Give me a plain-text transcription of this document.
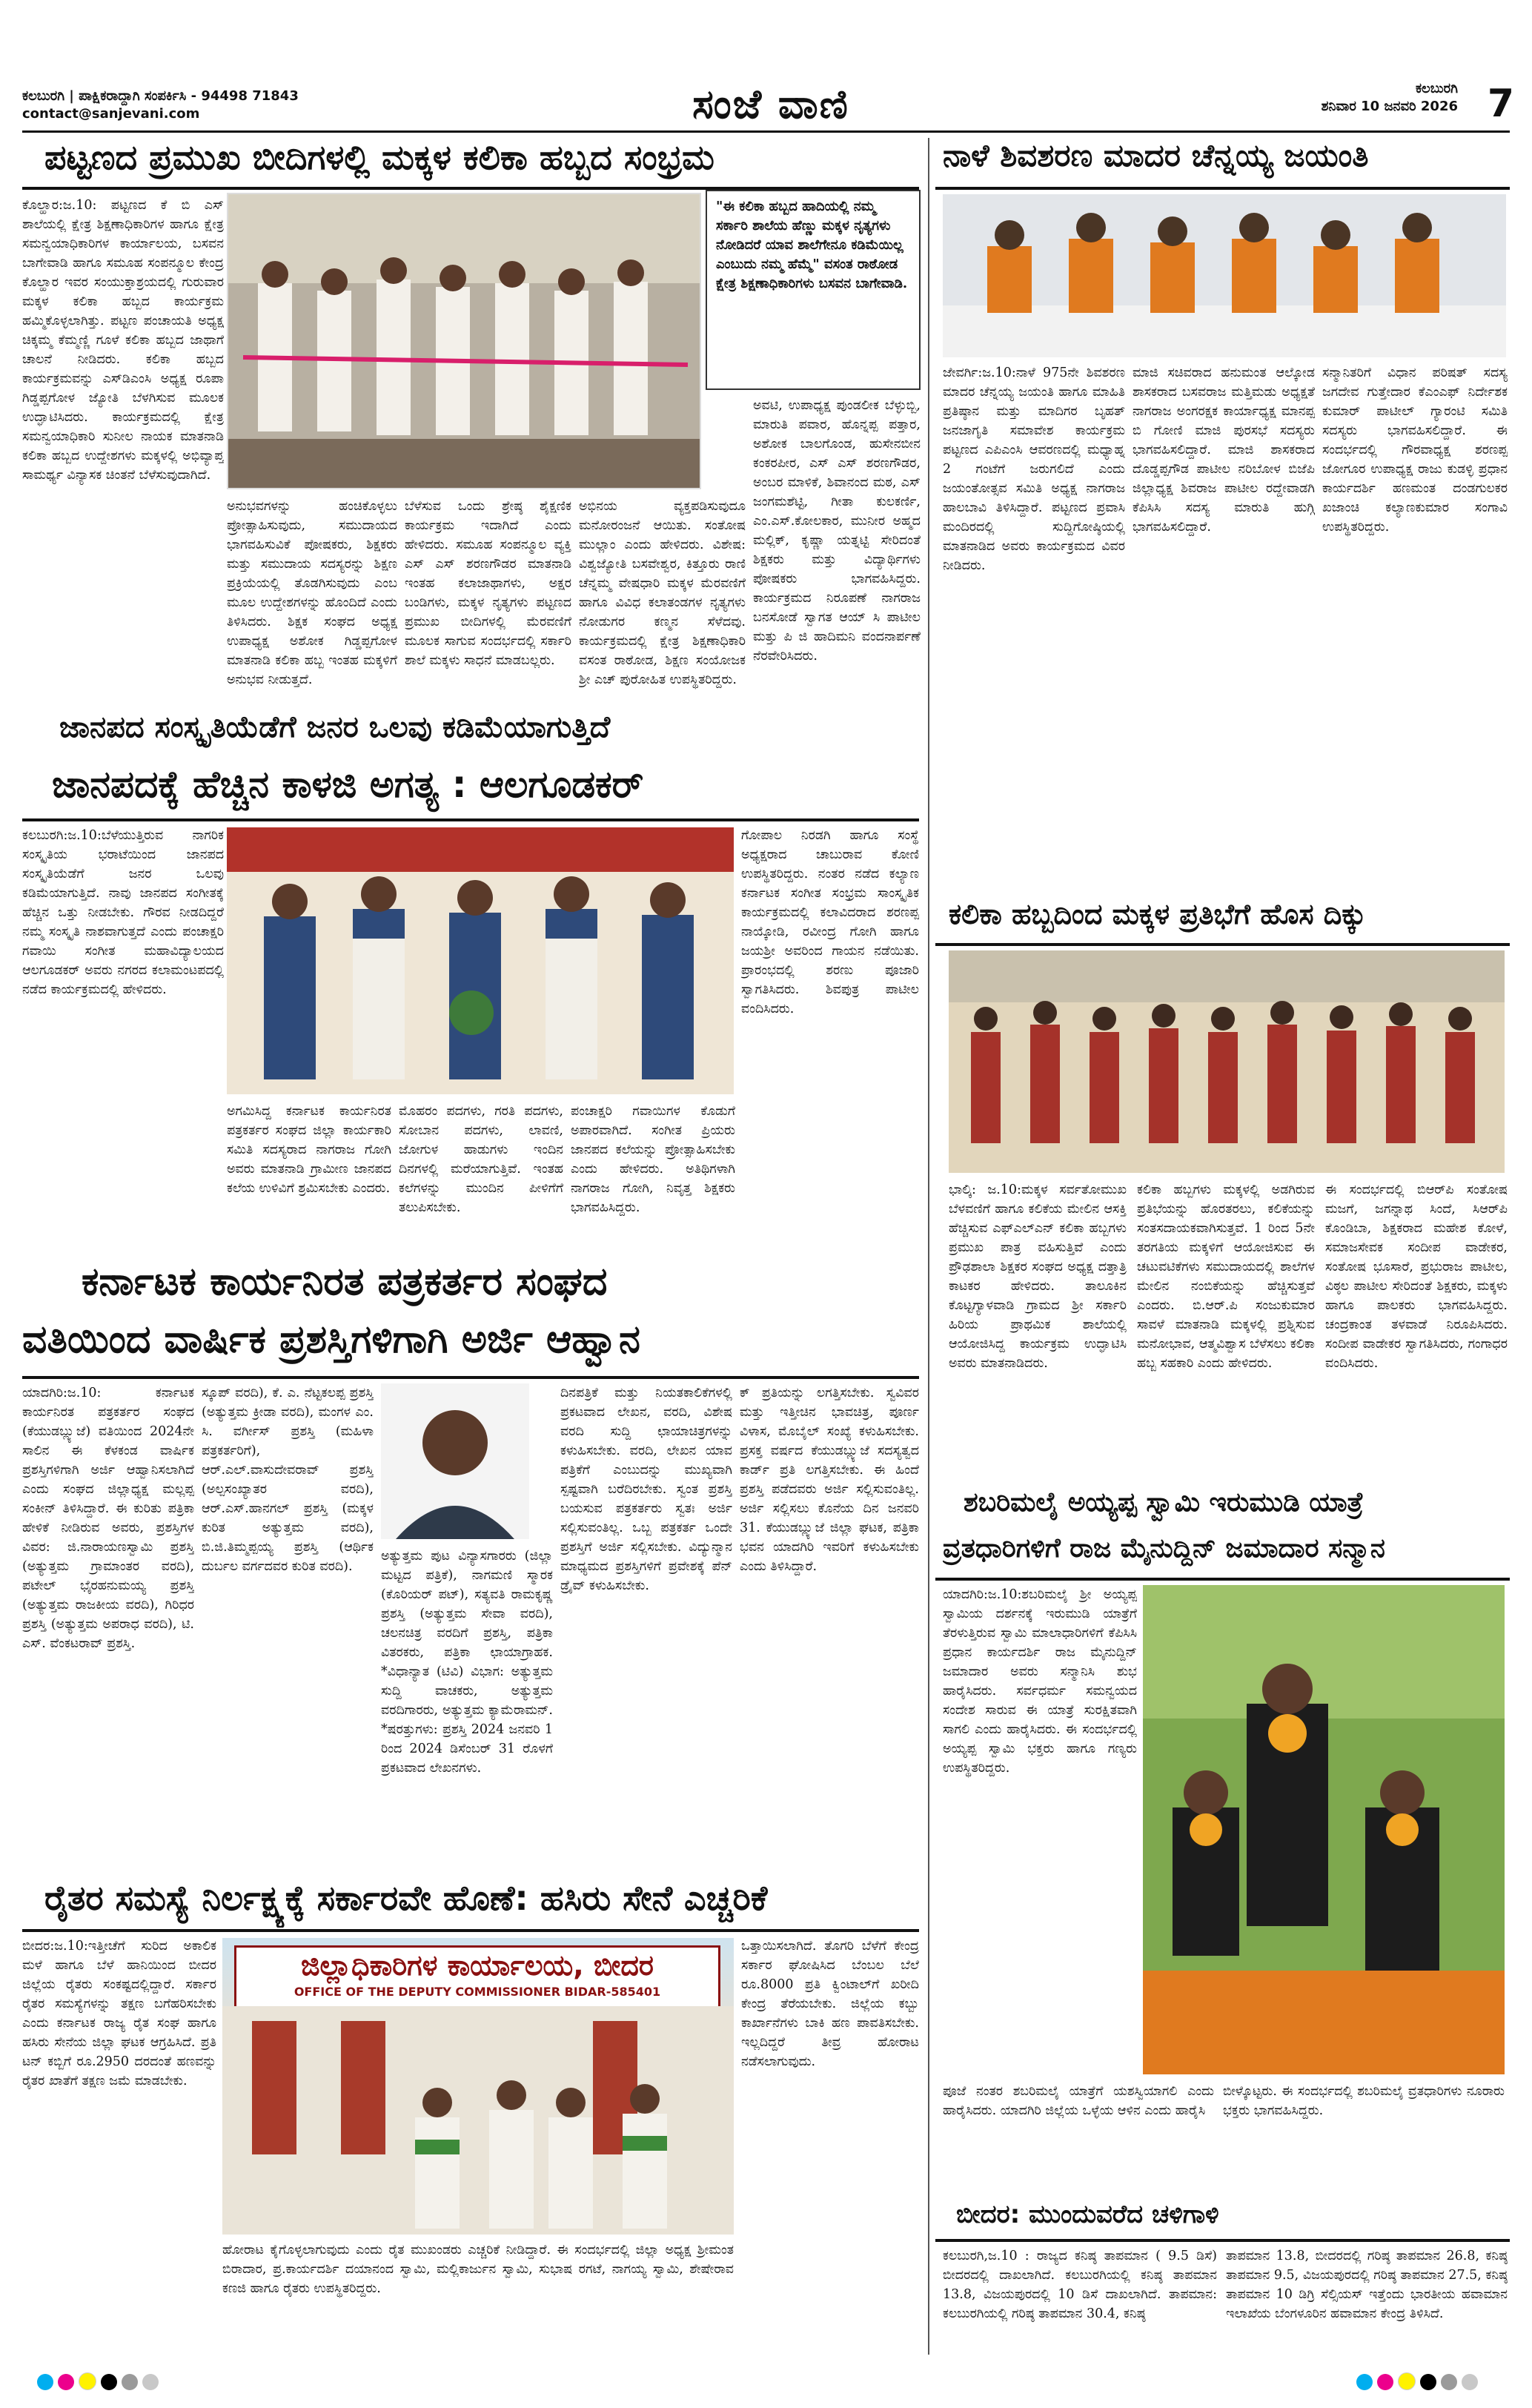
ಕಲಬುರಗಿ | ಪಾಕ್ಷಿಕರಾದ್ದಾಗಿ ಸಂಪರ್ಕಿಸಿ - 94498 71843
contact@sanjevani.com	ಸಂಜೆ ವಾಣಿ	ಕಲಬುರಗಿ
ಶನಿವಾರ 10 ಜನವರಿ 2026 7
ಪಟ್ಟಣದ ಪ್ರಮುಖ ಬೀದಿಗಳಲ್ಲಿ ಮಕ್ಕಳ ಕಲಿಕಾ ಹಬ್ಬದ ಸಂಭ್ರಮ
ಕೊಲ್ಹಾರ:ಜ.10: ಪಟ್ಟಣದ ಕೆ ಬಿ ಎಸ್ ಶಾಲೆಯಲ್ಲಿ ಕ್ಷೇತ್ರ ಶಿಕ್ಷಣಾಧಿಕಾರಿಗಳ ಹಾಗೂ ಕ್ಷೇತ್ರ ಸಮನ್ವಯಾಧಿಕಾರಿಗಳ ಕಾರ್ಯಾಲಯ, ಬಸವನ ಬಾಗೇವಾಡಿ ಹಾಗೂ ಸಮೂಹ ಸಂಪನ್ಮೂಲ ಕೇಂದ್ರ ಕೊಲ್ಹಾರ ಇವರ ಸಂಯುಕ್ತಾಶ್ರಯದಲ್ಲಿ ಗುರುವಾರ ಮಕ್ಕಳ ಕಲಿಕಾ ಹಬ್ಬದ ಕಾರ್ಯಕ್ರಮ ಹಮ್ಮಿಕೊಳ್ಳಲಾಗಿತ್ತು. ಪಟ್ಟಣ ಪಂಚಾಯತಿ ಅಧ್ಯಕ್ಷ ಚಿಕ್ಕಮ್ಮ ಕೆಮ್ಮಣ್ಣಿ ಗೂಳೆ ಕಲಿಕಾ ಹಬ್ಬದ ಜಾಥಾಗೆ ಚಾಲನೆ ನೀಡಿದರು. ಕಲಿಕಾ ಹಬ್ಬದ ಕಾರ್ಯಕ್ರಮವನ್ನು ಎಸ್‌ಡಿಎಂಸಿ ಅಧ್ಯಕ್ಷ ರೂಪಾ ಗಿಡ್ಡಪ್ಪಗೋಳ ಜ್ಯೋತಿ ಬೆಳಗಿಸುವ ಮೂಲಕ ಉದ್ಘಾಟಿಸಿದರು. ಕಾರ್ಯಕ್ರಮದಲ್ಲಿ ಕ್ಷೇತ್ರ ಸಮನ್ವಯಾಧಿಕಾರಿ ಸುನೀಲ ನಾಯಕ ಮಾತನಾಡಿ ಕಲಿಕಾ ಹಬ್ಬದ ಉದ್ದೇಶಗಳು ಮಕ್ಕಳಲ್ಲಿ ಅಭಿವ್ಯಾಪ್ತ ಸಾಮರ್ಥ್ಯ ವಿನ್ಯಾಸಕ ಚಿಂತನೆ ಬೆಳೆಸುವುದಾಗಿದೆ.
"ಈ ಕಲಿಕಾ ಹಬ್ಬದ ಹಾದಿಯಲ್ಲಿ ನಮ್ಮ ಸರ್ಕಾರಿ ಶಾಲೆಯ ಹೆಣ್ಣು ಮಕ್ಕಳ ನೃತ್ಯಗಳು ನೋಡಿದರೆ ಯಾವ ಶಾಲೆಗೇನೂ ಕಡಿಮೆಯಿಲ್ಲ ಎಂಬುದು ನಮ್ಮ ಹೆಮ್ಮೆ" ವಸಂತ ರಾಠೋಡ ಕ್ಷೇತ್ರ ಶಿಕ್ಷಣಾಧಿಕಾರಿಗಳು ಬಸವನ ಬಾಗೇವಾಡಿ.
ಅನುಭವಗಳನ್ನು ಹಂಚಿಕೊಳ್ಳಲು ಪ್ರೋತ್ಸಾಹಿಸುವುದು, ಸಮುದಾಯದ ಭಾಗವಹಿಸುವಿಕೆ ಪೋಷಕರು, ಶಿಕ್ಷಕರು ಮತ್ತು ಸಮುದಾಯ ಸದಸ್ಯರನ್ನು ಶಿಕ್ಷಣ ಪ್ರಕ್ರಿಯೆಯಲ್ಲಿ ತೊಡಗಿಸುವುದು ಎಂಬ ಮೂಲ ಉದ್ದೇಶಗಳನ್ನು ಹೊಂದಿದೆ ಎಂದು ತಿಳಿಸಿದರು. ಶಿಕ್ಷಕ ಸಂಘದ ಅಧ್ಯಕ್ಷ ಉಪಾಧ್ಯಕ್ಷ ಅಶೋಕ ಗಿಡ್ಡಪ್ಪಗೋಳ ಮಾತನಾಡಿ ಕಲಿಕಾ ಹಬ್ಬ ಇಂತಹ ಮಕ್ಕಳಿಗೆ ಅನುಭವ ನೀಡುತ್ತದೆ.
ಬೆಳೆಸುವ ಒಂದು ಶ್ರೇಷ್ಠ ಶೈಕ್ಷಣಿಕ ಕಾರ್ಯಕ್ರಮ ಇದಾಗಿದೆ ಎಂದು ಹೇಳಿದರು. ಸಮೂಹ ಸಂಪನ್ಮೂಲ ವ್ಯಕ್ತಿ ಎಸ್ ಎಸ್ ಶರಣಗೌಡರ ಮಾತನಾಡಿ ಇಂತಹ ಕಲಾಜಾಥಾಗಳು, ಅಕ್ಷರ ಬಂಡಿಗಳು, ಮಕ್ಕಳ ನೃತ್ಯಗಳು ಪಟ್ಟಣದ ಪ್ರಮುಖ ಬೀದಿಗಳಲ್ಲಿ ಮೆರವಣಿಗೆ ಮೂಲಕ ಸಾಗುವ ಸಂದರ್ಭದಲ್ಲಿ ಸರ್ಕಾರಿ ಶಾಲೆ ಮಕ್ಕಳು ಸಾಧನೆ ಮಾಡಬಲ್ಲರು.
ಅಭಿನಯ ವ್ಯಕ್ತಪಡಿಸುವುದೂ ಮನೋರಂಜನೆ ಆಯಿತು. ಸಂತೋಷ ಮುಲ್ಲಾಂ ಎಂದು ಹೇಳಿದರು. ವಿಶೇಷ: ವಿಶ್ವಜ್ಯೋತಿ ಬಸವೇಶ್ವರ, ಕಿತ್ತೂರು ರಾಣಿ ಚೆನ್ನಮ್ಮ ವೇಷಧಾರಿ ಮಕ್ಕಳ ಮೆರವಣಿಗೆ ಹಾಗೂ ವಿವಿಧ ಕಲಾತಂಡಗಳ ನೃತ್ಯಗಳು ನೋಡುಗರ ಕಣ್ಮನ ಸೆಳೆದವು. ಕಾರ್ಯಕ್ರಮದಲ್ಲಿ ಕ್ಷೇತ್ರ ಶಿಕ್ಷಣಾಧಿಕಾರಿ ವಸಂತ ರಾಠೋಡ, ಶಿಕ್ಷಣ ಸಂಯೋಜಕ ಶ್ರೀ ಎಚ್ ಪುರೋಹಿತ ಉಪಸ್ಥಿತರಿದ್ದರು.
ಅವಟಿ, ಉಪಾಧ್ಯಕ್ಷ ಪುಂಡಲೀಕ ಬೆಳ್ಳುಬ್ಬಿ, ಮಾರುತಿ ಪವಾರ, ಹೊನ್ನಪ್ಪ ಪತ್ತಾರ, ಅಶೋಕ ಬಾಲಗೊಂಡ, ಹುಸೇನಬೀನ ಕಂಕರಪೀರ, ಎಸ್ ಎಸ್ ಶರಣಗೌಡರ, ಅಂಬರ ಮಾಳಿಕೆ, ಶಿವಾನಂದ ಮಠ, ಎಸ್ ಜಂಗಮಶೆಟ್ಟಿ, ಗೀತಾ ಕುಲಕರ್ಣಿ, ಎಂ.ಎಸ್.ಕೋಲಕಾರ, ಮುನೀರ ಅಹ್ಮದ ಮಲ್ಲಿಕ್, ಕೃಷ್ಣಾ ಯತ್ನಟ್ಟಿ ಸೇರಿದಂತೆ ಶಿಕ್ಷಕರು ಮತ್ತು ವಿದ್ಯಾರ್ಥಿಗಳು ಪೋಷಕರು ಭಾಗವಹಿಸಿದ್ದರು. ಕಾರ್ಯಕ್ರಮದ ನಿರೂಪಣೆ ನಾಗರಾಜ ಬನಸೋಡೆ ಸ್ವಾಗತ ಆಯ್ ಸಿ ಪಾಟೀಲ ಮತ್ತು ಪಿ ಜಿ ಹಾದಿಮನಿ ವಂದನಾರ್ಪಣೆ ನೆರವೇರಿಸಿದರು.
ನಾಳೆ ಶಿವಶರಣ ಮಾದರ ಚೆನ್ನಯ್ಯ ಜಯಂತಿ
ಜೇವರ್ಗಿ:ಜ.10:ನಾಳೆ 975ನೇ ಶಿವಶರಣ ಮಾದರ ಚೆನ್ನಯ್ಯ ಜಯಂತಿ ಹಾಗೂ ಮಾಹಿತಿ ಪ್ರತಿಷ್ಠಾನ ಮತ್ತು ಮಾದಿಗರ ಬೃಹತ್ ಜನಜಾಗೃತಿ ಸಮಾವೇಶ ಕಾರ್ಯಕ್ರಮ ಪಟ್ಟಣದ ಎಪಿಎಂಸಿ ಆವರಣದಲ್ಲಿ ಮಧ್ಯಾಹ್ನ 2 ಗಂಟೆಗೆ ಜರುಗಲಿದೆ ಎಂದು ಜಯಂತೋತ್ಸವ ಸಮಿತಿ ಅಧ್ಯಕ್ಷ ನಾಗರಾಜ ಹಾಲಬಾವಿ ತಿಳಿಸಿದ್ದಾರೆ. ಪಟ್ಟಣದ ಪ್ರವಾಸಿ ಮಂದಿರದಲ್ಲಿ ಸುದ್ದಿಗೋಷ್ಠಿಯಲ್ಲಿ ಮಾತನಾಡಿದ ಅವರು ಕಾರ್ಯಕ್ರಮದ ವಿವರ ನೀಡಿದರು.
ಮಾಜಿ ಸಚಿವರಾದ ಹನುಮಂತ ಆಲ್ಕೋಡ ಶಾಸಕರಾದ ಬಸವರಾಜ ಮತ್ತಿಮಡು ಅಧ್ಯಕ್ಷತೆ ನಾಗರಾಜ ಅಂಗರಕ್ಷಕ ಕಾರ್ಯಾಧ್ಯಕ್ಷ ಮಾನಪ್ಪ ಬಿ ಗೋಣಿ ಮಾಜಿ ಪುರಸಭೆ ಸದಸ್ಯರು ಭಾಗವಹಿಸಲಿದ್ದಾರೆ. ಮಾಜಿ ಶಾಸಕರಾದ ದೊಡ್ಡಪ್ಪಗೌಡ ಪಾಟೀಲ ನರಿಬೋಳ ಬಿಜೆಪಿ ಜಿಲ್ಲಾಧ್ಯಕ್ಷ ಶಿವರಾಜ ಪಾಟೀಲ ರದ್ದೇವಾಡಗಿ ಕೆಪಿಸಿಸಿ ಸದಸ್ಯ ಮಾರುತಿ ಹುಗ್ಗಿ ಭಾಗವಹಿಸಲಿದ್ದಾರೆ.
ಸನ್ಮಾನಿತರಿಗೆ ವಿಧಾನ ಪರಿಷತ್ ಸದಸ್ಯ ಜಗದೇವ ಗುತ್ತೇದಾರ ಕೆಎಂಎಫ್ ನಿರ್ದೇಶಕ ಕುಮಾರ್ ಪಾಟೀಲ್ ಗ್ಯಾರಂಟಿ ಸಮಿತಿ ಸದಸ್ಯರು ಭಾಗವಹಿಸಲಿದ್ದಾರೆ. ಈ ಸಂದರ್ಭದಲ್ಲಿ ಗೌರವಾಧ್ಯಕ್ಷ ಶರಣಪ್ಪ ಜೋಗೂರ ಉಪಾಧ್ಯಕ್ಷ ರಾಜು ಕುಡಳ್ಳಿ ಪ್ರಧಾನ ಕಾರ್ಯದರ್ಶಿ ಹಣಮಂತ ದಂಡಗುಲಕರ ಖಜಾಂಚಿ ಕಲ್ಯಾಣಕುಮಾರ ಸಂಗಾವಿ ಉಪಸ್ಥಿತರಿದ್ದರು.
ಜಾನಪದ ಸಂಸ್ಕೃತಿಯೆಡೆಗೆ ಜನರ ಒಲವು ಕಡಿಮೆಯಾಗುತ್ತಿದೆ
ಜಾನಪದಕ್ಕೆ ಹೆಚ್ಚಿನ ಕಾಳಜಿ ಅಗತ್ಯ : ಆಲಗೂಡಕರ್
ಕಲಬುರಗಿ:ಜ.10:ಬೆಳೆಯುತ್ತಿರುವ ನಾಗರಿಕ ಸಂಸ್ಕೃತಿಯ ಭರಾಟೆಯಿಂದ ಜಾನಪದ ಸಂಸ್ಕೃತಿಯೆಡೆಗೆ ಜನರ ಒಲವು ಕಡಿಮೆಯಾಗುತ್ತಿದೆ. ನಾವು ಜಾನಪದ ಸಂಗೀತಕ್ಕೆ ಹೆಚ್ಚಿನ ಒತ್ತು ನೀಡಬೇಕು. ಗೌರವ ನೀಡದಿದ್ದರೆ ನಮ್ಮ ಸಂಸ್ಕೃತಿ ನಾಶವಾಗುತ್ತದೆ ಎಂದು ಪಂಚಾಕ್ಷರಿ ಗವಾಯಿ ಸಂಗೀತ ಮಹಾವಿದ್ಯಾಲಯದ ಆಲಗೂಡಕರ್ ಅವರು ನಗರದ ಕಲಾಮಂಟಪದಲ್ಲಿ ನಡೆದ ಕಾರ್ಯಕ್ರಮದಲ್ಲಿ ಹೇಳಿದರು.
ಗೋಪಾಲ ನಿರಡಗಿ ಹಾಗೂ ಸಂಸ್ಥೆ ಅಧ್ಯಕ್ಷರಾದ ಚಾಬುರಾವ ಕೋಣಿ ಉಪಸ್ಥಿತರಿದ್ದರು. ನಂತರ ನಡೆದ ಕಲ್ಯಾಣ ಕರ್ನಾಟಕ ಸಂಗೀತ ಸಂಭ್ರಮ ಸಾಂಸ್ಕೃತಿಕ ಕಾರ್ಯಕ್ರಮದಲ್ಲಿ ಕಲಾವಿದರಾದ ಶರಣಪ್ಪ ನಾಯ್ಕೋಡಿ, ರವೀಂದ್ರ ಗೋಗಿ ಹಾಗೂ ಜಯಶ್ರೀ ಅವರಿಂದ ಗಾಯನ ನಡೆಯಿತು. ಪ್ರಾರಂಭದಲ್ಲಿ ಶರಣು ಪೂಜಾರಿ ಸ್ವಾಗತಿಸಿದರು. ಶಿವಪುತ್ರ ಪಾಟೀಲ ವಂದಿಸಿದರು.
ಅಗಮಿಸಿದ್ದ ಕರ್ನಾಟಕ ಕಾರ್ಯನಿರತ ಪತ್ರಕರ್ತರ ಸಂಘದ ಜಿಲ್ಲಾ ಕಾರ್ಯಕಾರಿ ಸಮಿತಿ ಸದಸ್ಯರಾದ ನಾಗರಾಜ ಗೋಗಿ ಅವರು ಮಾತನಾಡಿ ಗ್ರಾಮೀಣ ಜಾನಪದ ಕಲೆಯ ಉಳಿವಿಗೆ ಶ್ರಮಿಸಬೇಕು ಎಂದರು.
ಮೊಹರಂ ಪದಗಳು, ಗರತಿ ಪದಗಳು, ಸೋಬಾನ ಪದಗಳು, ಲಾವಣಿ, ಜೋಗುಳ ಹಾಡುಗಳು ಇಂದಿನ ದಿನಗಳಲ್ಲಿ ಮರೆಯಾಗುತ್ತಿವೆ. ಇಂತಹ ಕಲೆಗಳನ್ನು ಮುಂದಿನ ಪೀಳಿಗೆಗೆ ತಲುಪಿಸಬೇಕು.
ಪಂಚಾಕ್ಷರಿ ಗವಾಯಿಗಳ ಕೊಡುಗೆ ಅಪಾರವಾಗಿದೆ. ಸಂಗೀತ ಪ್ರಿಯರು ಜಾನಪದ ಕಲೆಯನ್ನು ಪ್ರೋತ್ಸಾಹಿಸಬೇಕು ಎಂದು ಹೇಳಿದರು. ಅತಿಥಿಗಳಾಗಿ ನಾಗರಾಜ ಗೋಗಿ, ನಿವೃತ್ತ ಶಿಕ್ಷಕರು ಭಾಗವಹಿಸಿದ್ದರು.
ಕಲಿಕಾ ಹಬ್ಬದಿಂದ ಮಕ್ಕಳ ಪ್ರತಿಭೆಗೆ ಹೊಸ ದಿಕ್ಕು
ಭಾಲ್ಕಿ: ಜ.10:ಮಕ್ಕಳ ಸರ್ವತೋಮುಖ ಬೆಳವಣಿಗೆ ಹಾಗೂ ಕಲಿಕೆಯ ಮೇಲಿನ ಆಸಕ್ತಿ ಹೆಚ್ಚಿಸುವ ಎಫ್‌ಎಲ್‌ಎನ್ ಕಲಿಕಾ ಹಬ್ಬಗಳು ಪ್ರಮುಖ ಪಾತ್ರ ವಹಿಸುತ್ತಿವೆ ಎಂದು ಪ್ರೌಢಶಾಲಾ ಶಿಕ್ಷಕರ ಸಂಘದ ಅಧ್ಯಕ್ಷ ದತ್ತಾತ್ರಿ ಕಾಟಕರ ಹೇಳಿದರು. ತಾಲೂಕಿನ ಕೊಟ್ಟಗ್ಯಾಳವಾಡಿ ಗ್ರಾಮದ ಶ್ರೀ ಸರ್ಕಾರಿ ಹಿರಿಯ ಪ್ರಾಥಮಿಕ ಶಾಲೆಯಲ್ಲಿ ಆಯೋಜಿಸಿದ್ದ ಕಾರ್ಯಕ್ರಮ ಉದ್ಘಾಟಿಸಿ ಅವರು ಮಾತನಾಡಿದರು.
ಕಲಿಕಾ ಹಬ್ಬಗಳು ಮಕ್ಕಳಲ್ಲಿ ಅಡಗಿರುವ ಪ್ರತಿಭೆಯನ್ನು ಹೊರತರಲು, ಕಲಿಕೆಯನ್ನು ಸಂತಸದಾಯಕವಾಗಿಸುತ್ತವೆ. 1 ರಿಂದ 5ನೇ ತರಗತಿಯ ಮಕ್ಕಳಿಗೆ ಆಯೋಜಿಸುವ ಈ ಚಟುವಟಿಕೆಗಳು ಸಮುದಾಯದಲ್ಲಿ ಶಾಲೆಗಳ ಮೇಲಿನ ನಂಬಿಕೆಯನ್ನು ಹೆಚ್ಚಿಸುತ್ತವೆ ಎಂದರು. ಬಿ.ಆರ್.ಪಿ ಸಂಜುಕುಮಾರ ಸಾವಳೆ ಮಾತನಾಡಿ ಮಕ್ಕಳಲ್ಲಿ ಪ್ರಶ್ನಿಸುವ ಮನೋಭಾವ, ಆತ್ಮವಿಶ್ವಾಸ ಬೆಳೆಸಲು ಕಲಿಕಾ ಹಬ್ಬ ಸಹಕಾರಿ ಎಂದು ಹೇಳಿದರು.
ಈ ಸಂದರ್ಭದಲ್ಲಿ ಬಿಆರ್‌ಪಿ ಸಂತೋಷ ಮಜಗೆ, ಜಗನ್ನಾಥ ಸಿಂದೆ, ಸಿಆರ್‌ಪಿ ಕೊಂಡಿಬಾ, ಶಿಕ್ಷಕರಾದ ಮಹೇಶ ಕೋಳೆ, ಸಮಾಜಸೇವಕ ಸಂದೀಪ ವಾಡೇಕರ, ಸಂತೋಷ ಭೂಸಾರೆ, ಪ್ರಭುರಾಜ ಪಾಟೀಲ, ವಿಠ್ಠಲ ಪಾಟೀಲ ಸೇರಿದಂತೆ ಶಿಕ್ಷಕರು, ಮಕ್ಕಳು ಹಾಗೂ ಪಾಲಕರು ಭಾಗವಹಿಸಿದ್ದರು. ಚಂದ್ರಕಾಂತ ತಳವಾಡೆ ನಿರೂಪಿಸಿದರು. ಸಂದೀಪ ವಾಡೇಕರ ಸ್ವಾಗತಿಸಿದರು, ಗಂಗಾಧರ ವಂದಿಸಿದರು.
ಕರ್ನಾಟಕ ಕಾರ್ಯನಿರತ ಪತ್ರಕರ್ತರ ಸಂಘದ
ವತಿಯಿಂದ ವಾರ್ಷಿಕ ಪ್ರಶಸ್ತಿಗಳಿಗಾಗಿ ಅರ್ಜಿ ಆಹ್ವಾನ
ಯಾದಗಿರಿ:ಜ.10: ಕರ್ನಾಟಕ ಕಾರ್ಯನಿರತ ಪತ್ರಕರ್ತರ ಸಂಘದ (ಕೆಯುಡಬ್ಲ್ಯುಜೆ) ವತಿಯಿಂದ 2024ನೇ ಸಾಲಿನ ಈ ಕೆಳಕಂಡ ವಾರ್ಷಿಕ ಪ್ರಶಸ್ತಿಗಳಿಗಾಗಿ ಅರ್ಜಿ ಆಹ್ವಾನಿಸಲಾಗಿದೆ ಎಂದು ಸಂಘದ ಜಿಲ್ಲಾಧ್ಯಕ್ಷ ಮಲ್ಲಪ್ಪ ಸಂಕೀನ್ ತಿಳಿಸಿದ್ದಾರೆ. ಈ ಕುರಿತು ಪತ್ರಿಕಾ ಹೇಳಿಕೆ ನೀಡಿರುವ ಅವರು, ಪ್ರಶಸ್ತಿಗಳ ವಿವರ: ಜಿ.ನಾರಾಯಣಸ್ವಾಮಿ ಪ್ರಶಸ್ತಿ (ಅತ್ಯುತ್ತಮ ಗ್ರಾಮಾಂತರ ವರದಿ), ಪಟೇಲ್ ಭೈರಹನುಮಯ್ಯ ಪ್ರಶಸ್ತಿ (ಅತ್ಯುತ್ತಮ ರಾಜಕೀಯ ವರದಿ), ಗಿರಿಧರ ಪ್ರಶಸ್ತಿ (ಅತ್ಯುತ್ತಮ ಅಪರಾಧ ವರದಿ), ಟಿ. ಎಸ್. ವೆಂಕಟರಾವ್ ಪ್ರಶಸ್ತಿ.
ಸ್ಕೂಪ್ ವರದಿ), ಕೆ. ಎ. ನೆಟ್ಟಕಲಪ್ಪ ಪ್ರಶಸ್ತಿ (ಅತ್ಯುತ್ತಮ ಕ್ರೀಡಾ ವರದಿ), ಮಂಗಳ ಎಂ. ಸಿ. ವರ್ಗೀಸ್ ಪ್ರಶಸ್ತಿ (ಮಹಿಳಾ ಪತ್ರಕರ್ತರಿಗೆ), ಆರ್.ಎಲ್.ವಾಸುದೇವರಾವ್ ಪ್ರಶಸ್ತಿ (ಅಲ್ಪಸಂಖ್ಯಾತರ ವರದಿ), ಆರ್.ಎಸ್.ಹಾನಗಲ್ ಪ್ರಶಸ್ತಿ (ಮಕ್ಕಳ ಕುರಿತ ಅತ್ಯುತ್ತಮ ವರದಿ), ಬಿ.ಜಿ.ತಿಮ್ಮಪ್ಪಯ್ಯ ಪ್ರಶಸ್ತಿ (ಆರ್ಥಿಕ ದುರ್ಬಲ ವರ್ಗದವರ ಕುರಿತ ವರದಿ).
ಅತ್ಯುತ್ತಮ ಪುಟ ವಿನ್ಯಾಸಗಾರರು (ಜಿಲ್ಲಾ ಮಟ್ಟದ ಪತ್ರಿಕೆ), ನಾಗಮಣಿ ಸ್ಮಾರಕ (ಕೊರಿಯರ್ ಪಟ್), ಸತ್ಯವತಿ ರಾಮಕೃಷ್ಣ ಪ್ರಶಸ್ತಿ (ಅತ್ಯುತ್ತಮ ಸೇವಾ ವರದಿ), ಚಲನಚಿತ್ರ ವರದಿಗೆ ಪ್ರಶಸ್ತಿ, ಪತ್ರಿಕಾ ವಿತರಕರು, ಪತ್ರಿಕಾ ಛಾಯಾಗ್ರಾಹಕ. *ವಿಧಾನ್ಯಾತ (ಟಿವಿ) ವಿಭಾಗ: ಅತ್ಯುತ್ತಮ ಸುದ್ದಿ ವಾಚಕರು, ಅತ್ಯುತ್ತಮ ವರದಿಗಾರರು, ಅತ್ಯುತ್ತಮ ಕ್ಯಾಮೆರಾಮನ್. *ಷರತ್ತುಗಳು: ಪ್ರಶಸ್ತಿ 2024 ಜನವರಿ 1 ರಿಂದ 2024 ಡಿಸೆಂಬರ್ 31 ರೊಳಗೆ ಪ್ರಕಟವಾದ ಲೇಖನಗಳು.
ದಿನಪತ್ರಿಕೆ ಮತ್ತು ನಿಯತಕಾಲಿಕೆಗಳಲ್ಲಿ ಪ್ರಕಟವಾದ ಲೇಖನ, ವರದಿ, ವಿಶೇಷ ವರದಿ ಸುದ್ದಿ ಛಾಯಾಚಿತ್ರಗಳನ್ನು ಕಳುಹಿಸಬೇಕು. ವರದಿ, ಲೇಖನ ಯಾವ ಪತ್ರಿಕೆಗೆ ಎಂಬುದನ್ನು ಮುಖ್ಯವಾಗಿ ಸ್ಪಷ್ಟವಾಗಿ ಬರೆದಿರಬೇಕು. ಸ್ವಂತ ಪ್ರಶಸ್ತಿ ಬಯಸುವ ಪತ್ರಕರ್ತರು ಸ್ವತಃ ಅರ್ಜಿ ಸಲ್ಲಿಸುವಂತಿಲ್ಲ. ಒಬ್ಬ ಪತ್ರಕರ್ತ ಒಂದೇ ಪ್ರಶಸ್ತಿಗೆ ಅರ್ಜಿ ಸಲ್ಲಿಸಬೇಕು. ವಿದ್ಯುನ್ಮಾನ ಮಾಧ್ಯಮದ ಪ್ರಶಸ್ತಿಗಳಿಗೆ ಪ್ರವೇಶಕ್ಕೆ ಪೆನ್ ಡ್ರೈವ್ ಕಳುಹಿಸಬೇಕು.
ಕ್ ಪ್ರತಿಯನ್ನು ಲಗತ್ತಿಸಬೇಕು. ಸ್ವವಿವರ ಮತ್ತು ಇತ್ತೀಚಿನ ಭಾವಚಿತ್ರ, ಪೂರ್ಣ ವಿಳಾಸ, ಮೊಬೈಲ್ ಸಂಖ್ಯೆ ಕಳುಹಿಸಬೇಕು. ಪ್ರಸಕ್ತ ವರ್ಷದ ಕೆಯುಡಬ್ಲ್ಯುಜೆ ಸದಸ್ಯತ್ವದ ಕಾರ್ಡ್ ಪ್ರತಿ ಲಗತ್ತಿಸಬೇಕು. ಈ ಹಿಂದೆ ಪ್ರಶಸ್ತಿ ಪಡೆದವರು ಅರ್ಜಿ ಸಲ್ಲಿಸುವಂತಿಲ್ಲ. ಅರ್ಜಿ ಸಲ್ಲಿಸಲು ಕೊನೆಯ ದಿನ ಜನವರಿ 31. ಕೆಯುಡಬ್ಲ್ಯುಜೆ ಜಿಲ್ಲಾ ಘಟಕ, ಪತ್ರಿಕಾ ಭವನ ಯಾದಗಿರಿ ಇವರಿಗೆ ಕಳುಹಿಸಬೇಕು ಎಂದು ತಿಳಿಸಿದ್ದಾರೆ.
ಶಬರಿಮಲೈ ಅಯ್ಯಪ್ಪ ಸ್ವಾಮಿ ಇರುಮುಡಿ ಯಾತ್ರೆ
ವ್ರತಧಾರಿಗಳಿಗೆ ರಾಜ ಮೈನುದ್ದಿನ್ ಜಮಾದಾರ ಸನ್ಮಾನ
ಯಾದಗಿರಿ:ಜ.10:ಶಬರಿಮಲೈ ಶ್ರೀ ಅಯ್ಯಪ್ಪ ಸ್ವಾಮಿಯ ದರ್ಶನಕ್ಕೆ ಇರುಮುಡಿ ಯಾತ್ರೆಗೆ ತೆರಳುತ್ತಿರುವ ಸ್ವಾಮಿ ಮಾಲಾಧಾರಿಗಳಿಗೆ ಕೆಪಿಸಿಸಿ ಪ್ರಧಾನ ಕಾರ್ಯದರ್ಶಿ ರಾಜ ಮೈನುದ್ದಿನ್ ಜಮಾದಾರ ಅವರು ಸನ್ಮಾನಿಸಿ ಶುಭ ಹಾರೈಸಿದರು. ಸರ್ವಧರ್ಮ ಸಮನ್ವಯದ ಸಂದೇಶ ಸಾರುವ ಈ ಯಾತ್ರೆ ಸುರಕ್ಷಿತವಾಗಿ ಸಾಗಲಿ ಎಂದು ಹಾರೈಸಿದರು. ಈ ಸಂದರ್ಭದಲ್ಲಿ ಅಯ್ಯಪ್ಪ ಸ್ವಾಮಿ ಭಕ್ತರು ಹಾಗೂ ಗಣ್ಯರು ಉಪಸ್ಥಿತರಿದ್ದರು.
ಪೂಜೆ ನಂತರ ಶಬರಿಮಲೈ ಯಾತ್ರೆಗೆ ಯಶಸ್ವಿಯಾಗಲಿ ಎಂದು ಹಾರೈಸಿದರು. ಯಾದಗಿರಿ ಜಿಲ್ಲೆಯ ಒಳ್ಳೆಯ ಆಳಿನ ಎಂದು ಹಾರೈಸಿ
ಬೀಳ್ಕೊಟ್ಟರು. ಈ ಸಂದರ್ಭದಲ್ಲಿ ಶಬರಿಮಲೈ ವ್ರತಧಾರಿಗಳು ನೂರಾರು ಭಕ್ತರು ಭಾಗವಹಿಸಿದ್ದರು.
ರೈತರ ಸಮಸ್ಯೆ ನಿರ್ಲಕ್ಷ್ಯಕ್ಕೆ ಸರ್ಕಾರವೇ ಹೊಣೆ: ಹಸಿರು ಸೇನೆ ಎಚ್ಚರಿಕೆ
ಬೀದರ:ಜ.10:ಇತ್ತೀಚೆಗೆ ಸುರಿದ ಅಕಾಲಿಕ ಮಳೆ ಹಾಗೂ ಬೆಳೆ ಹಾನಿಯಿಂದ ಬೀದರ ಜಿಲ್ಲೆಯ ರೈತರು ಸಂಕಷ್ಟದಲ್ಲಿದ್ದಾರೆ. ಸರ್ಕಾರ ರೈತರ ಸಮಸ್ಯೆಗಳನ್ನು ತಕ್ಷಣ ಬಗೆಹರಿಸಬೇಕು ಎಂದು ಕರ್ನಾಟಕ ರಾಜ್ಯ ರೈತ ಸಂಘ ಹಾಗೂ ಹಸಿರು ಸೇನೆಯ ಜಿಲ್ಲಾ ಘಟಕ ಆಗ್ರಹಿಸಿದೆ. ಪ್ರತಿ ಟನ್ ಕಬ್ಬಿಗೆ ರೂ.2950 ದರದಂತೆ ಹಣವನ್ನು ರೈತರ ಖಾತೆಗೆ ತಕ್ಷಣ ಜಮೆ ಮಾಡಬೇಕು.
ಜಿಲ್ಲಾಧಿಕಾರಿಗಳ ಕಾರ್ಯಾಲಯ, ಬೀದರ
OFFICE OF THE DEPUTY COMMISSIONER BIDAR-585401
ಒತ್ತಾಯಿಸಲಾಗಿದೆ. ತೊಗರಿ ಬೆಳೆಗೆ ಕೇಂದ್ರ ಸರ್ಕಾರ ಘೋಷಿಸಿದ ಬೆಂಬಲ ಬೆಲೆ ರೂ.8000 ಪ್ರತಿ ಕ್ವಿಂಟಾಲ್‌ಗೆ ಖರೀದಿ ಕೇಂದ್ರ ತೆರೆಯಬೇಕು. ಜಿಲ್ಲೆಯ ಕಬ್ಬು ಕಾರ್ಖಾನೆಗಳು ಬಾಕಿ ಹಣ ಪಾವತಿಸಬೇಕು. ಇಲ್ಲದಿದ್ದರೆ ತೀವ್ರ ಹೋರಾಟ ನಡೆಸಲಾಗುವುದು.
ಹೋರಾಟ ಕೈಗೊಳ್ಳಲಾಗುವುದು ಎಂದು ರೈತ ಮುಖಂಡರು ಎಚ್ಚರಿಕೆ ನೀಡಿದ್ದಾರೆ. ಈ ಸಂದರ್ಭದಲ್ಲಿ ಜಿಲ್ಲಾ ಅಧ್ಯಕ್ಷ ಶ್ರೀಮಂತ ಬಿರಾದಾರ, ಪ್ರ.ಕಾರ್ಯದರ್ಶಿ ದಯಾನಂದ ಸ್ವಾಮಿ, ಮಲ್ಲಿಕಾರ್ಜುನ ಸ್ವಾಮಿ, ಸುಭಾಷ ರಗಟೆ, ನಾಗಯ್ಯ ಸ್ವಾಮಿ, ಶೇಷೇರಾವ ಕಣಜಿ ಹಾಗೂ ರೈತರು ಉಪಸ್ಥಿತರಿದ್ದರು.
ಬೀದರ: ಮುಂದುವರೆದ ಚಳಿಗಾಳಿ
ಕಲಬುರಗಿ,ಜ.10 : ರಾಜ್ಯದ ಕನಿಷ್ಠ ತಾಪಮಾನ ( 9.5 ಡಿಸೆ) ಬೀದರದಲ್ಲಿ ದಾಖಲಾಗಿದೆ. ಕಲಬುರಗಿಯಲ್ಲಿ ಕನಿಷ್ಠ ತಾಪಮಾನ 13.8, ವಿಜಯಪುರದಲ್ಲಿ 10 ಡಿಸೆ ದಾಖಲಾಗಿದೆ. ತಾಪಮಾನ: ಕಲಬುರಗಿಯಲ್ಲಿ ಗರಿಷ್ಠ ತಾಪಮಾನ 30.4, ಕನಿಷ್ಠ
ತಾಪಮಾನ 13.8, ಬೀದರದಲ್ಲಿ ಗರಿಷ್ಠ ತಾಪಮಾನ 26.8, ಕನಿಷ್ಠ ತಾಪಮಾನ 9.5, ವಿಜಯಪುರದಲ್ಲಿ ಗರಿಷ್ಠ ತಾಪಮಾನ 27.5, ಕನಿಷ್ಠ ತಾಪಮಾನ 10 ಡಿಗ್ರಿ ಸೆಲ್ಸಿಯಸ್ ಇತ್ತೆಂದು ಭಾರತೀಯ ಹವಾಮಾನ ಇಲಾಖೆಯ ಬೆಂಗಳೂರಿನ ಹವಾಮಾನ ಕೇಂದ್ರ ತಿಳಿಸಿದೆ.
